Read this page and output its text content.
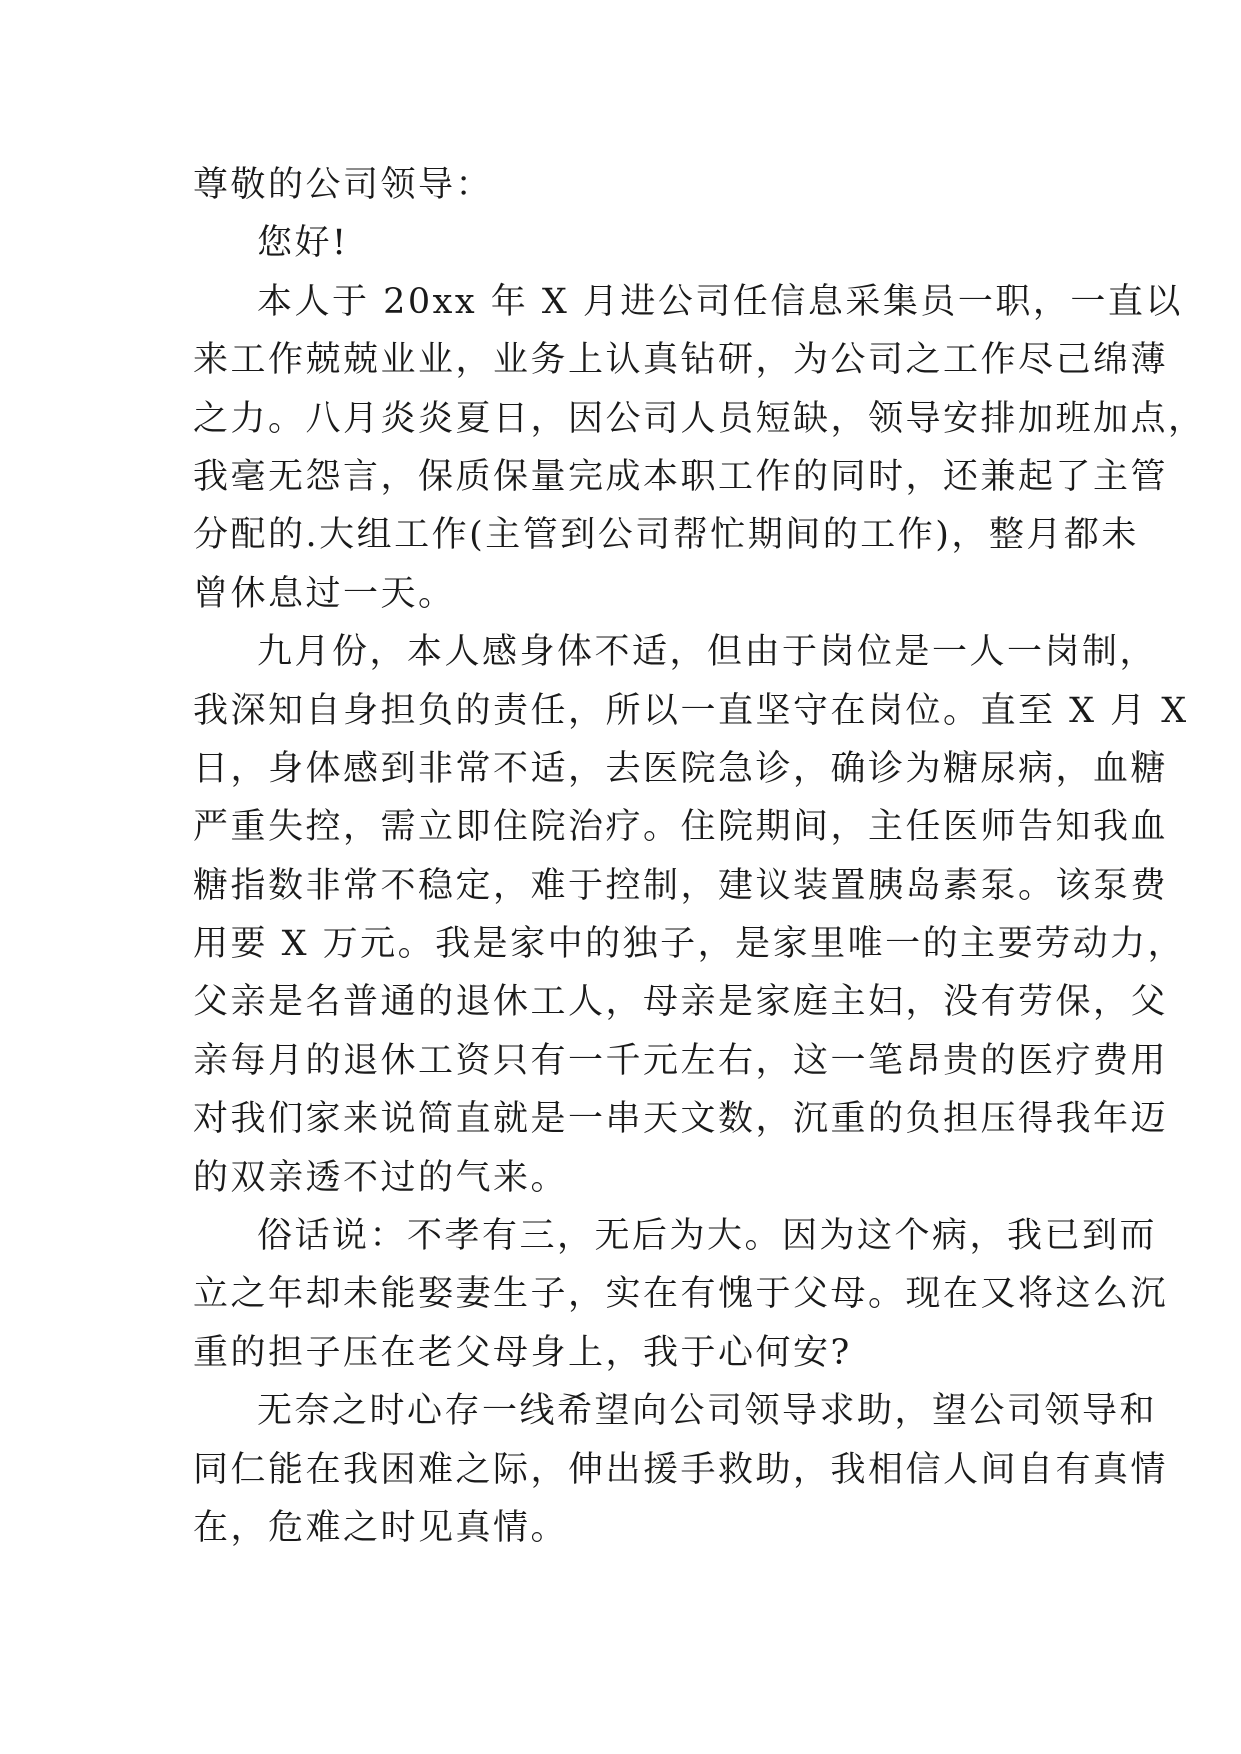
尊敬的公司领导：
您好!
本人于 20xx 年 X 月进公司任信息采集员一职，一直以
来工作兢兢业业，业务上认真钻研，为公司之工作尽己绵薄
之力。八月炎炎夏日，因公司人员短缺，领导安排加班加点，
我毫无怨言，保质保量完成本职工作的同时，还兼起了主管
分配的.大组工作(主管到公司帮忙期间的工作)，整月都未
曾休息过一天。
九月份，本人感身体不适，但由于岗位是一人一岗制，
我深知自身担负的责任，所以一直坚守在岗位。直至 X 月 X
日，身体感到非常不适，去医院急诊，确诊为糖尿病，血糖
严重失控，需立即住院治疗。住院期间，主任医师告知我血
糖指数非常不稳定，难于控制，建议装置胰岛素泵。该泵费
用要 X 万元。我是家中的独子，是家里唯一的主要劳动力，
父亲是名普通的退休工人，母亲是家庭主妇，没有劳保，父
亲每月的退休工资只有一千元左右，这一笔昂贵的医疗费用
对我们家来说简直就是一串天文数，沉重的负担压得我年迈
的双亲透不过的气来。
俗话说：不孝有三，无后为大。因为这个病，我已到而
立之年却未能娶妻生子，实在有愧于父母。现在又将这么沉
重的担子压在老父母身上，我于心何安?
无奈之时心存一线希望向公司领导求助，望公司领导和
同仁能在我困难之际，伸出援手救助，我相信人间自有真情
在，危难之时见真情。
